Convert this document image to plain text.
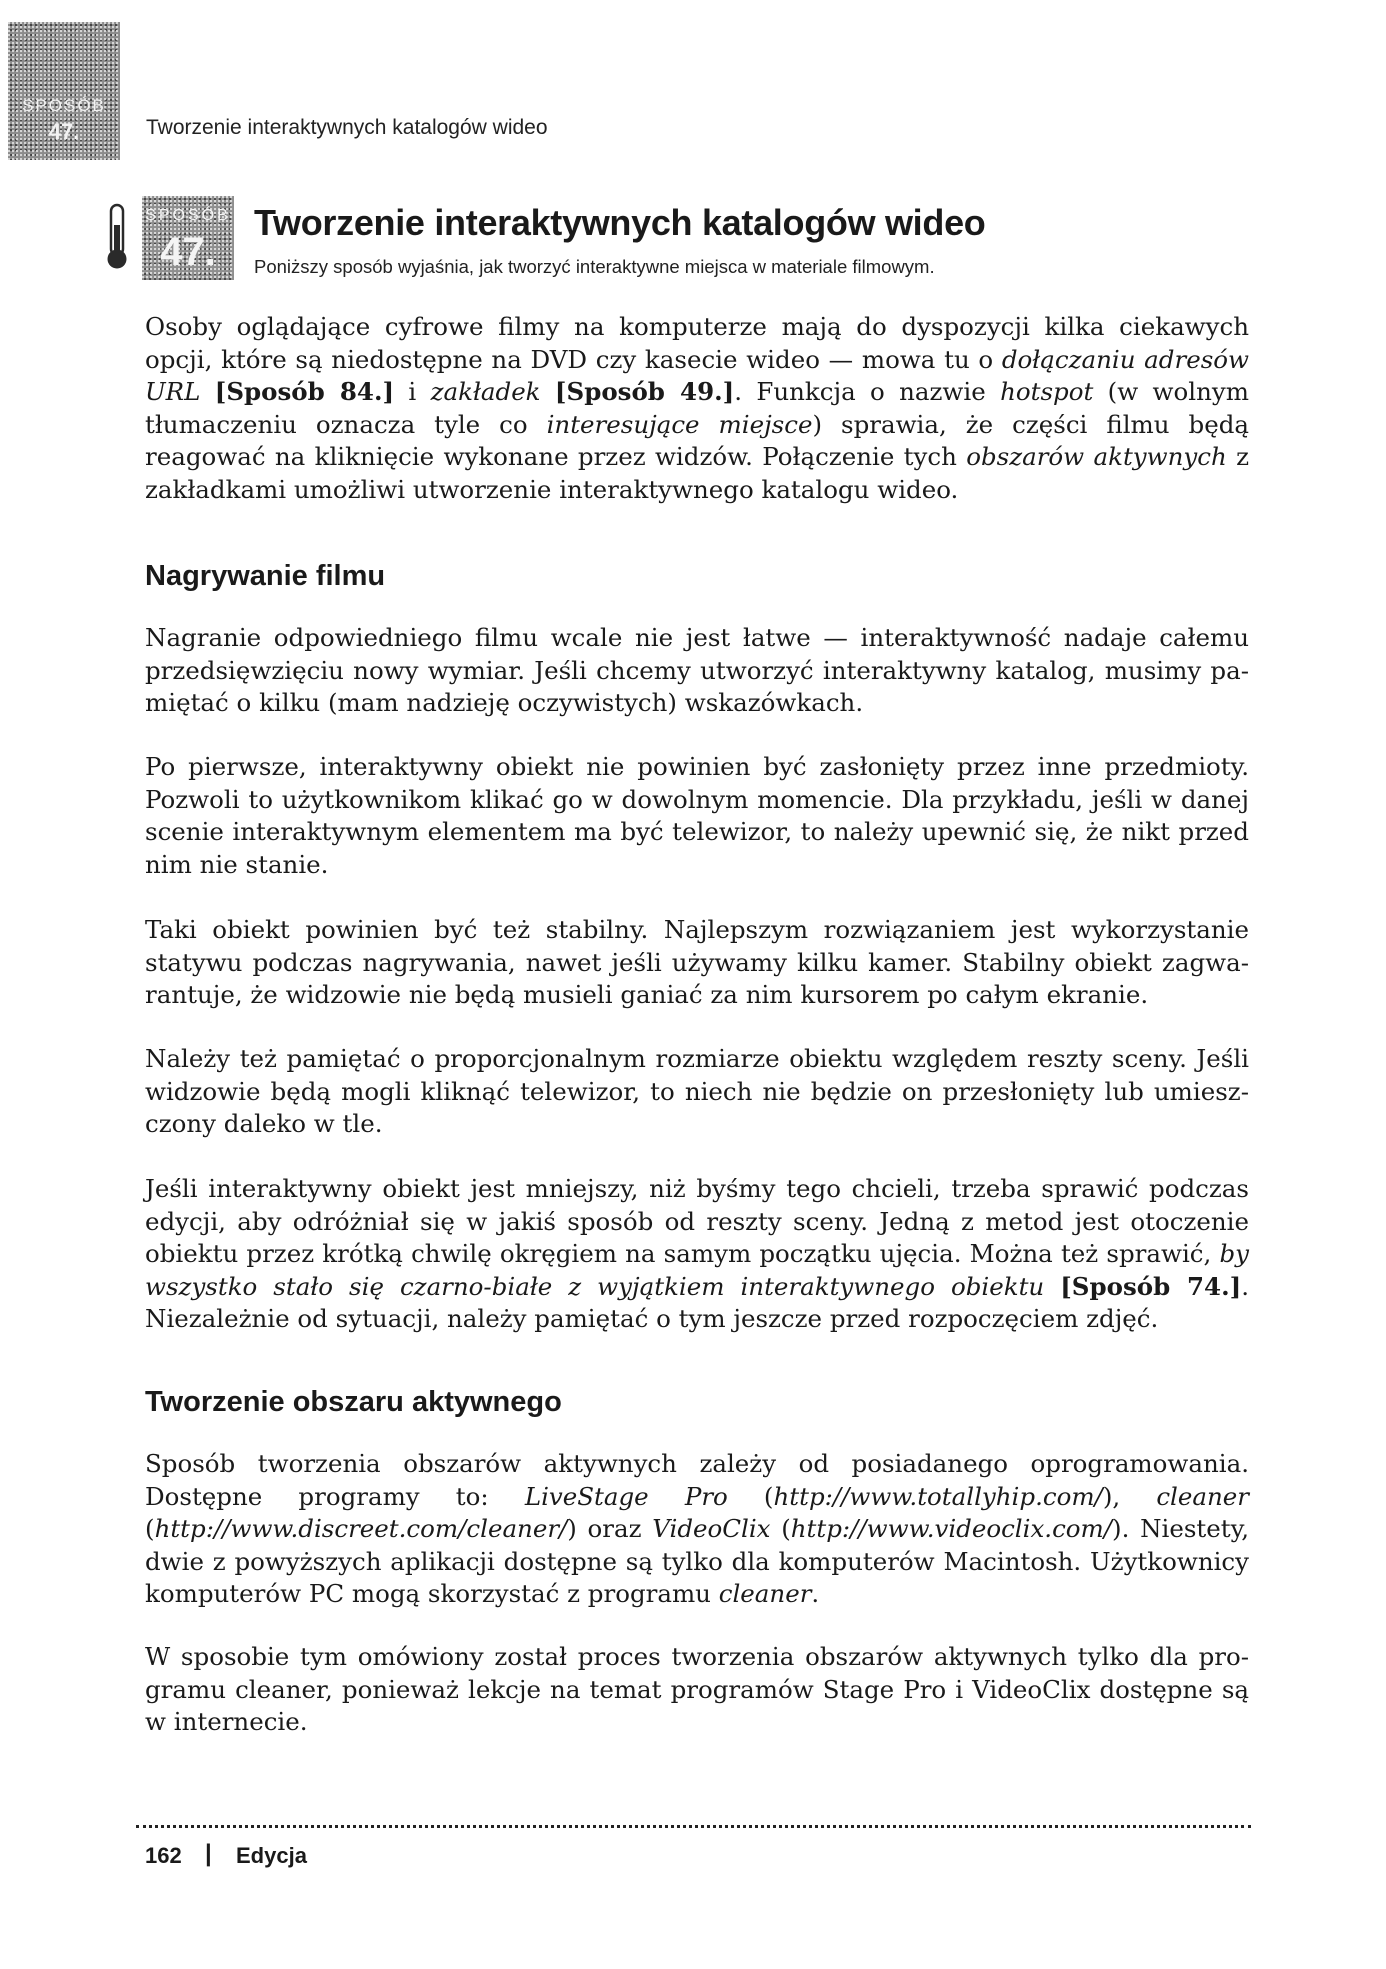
SPOSÓB
47.	Tworzenie interaktywnych katalogów wideo
SPOSÓB
47.
Tworzenie interaktywnych katalogów wideo
Poniższy sposób wyjaśnia, jak tworzyć interaktywne miejsca w materiale filmowym.

Osoby oglądające cyfrowe filmy na komputerze mają do dyspozycji kilka ciekawych opcji, które są niedostępne na DVD czy kasecie wideo — mowa tu o dołączaniu adresów URL [Sposób 84.] i zakładek [Sposób 49.]. Funkcja o nazwie hotspot (w wolnym tłumaczeniu oznacza tyle co interesujące miejsce) sprawia, że części filmu będą reagować na kliknięcie wykonane przez widzów. Połączenie tych obszarów aktywnych z zakładkami umożliwi utworzenie interaktywnego katalogu wideo.

Nagrywanie filmu

Nagranie odpowiedniego filmu wcale nie jest łatwe — interaktywność nadaje całemu przedsięwzięciu nowy wymiar. Jeśli chcemy utworzyć interaktywny katalog, musimy pamiętać o kilku (mam nadzieję oczywistych) wskazówkach.

Po pierwsze, interaktywny obiekt nie powinien być zasłonięty przez inne przedmioty. Pozwoli to użytkownikom klikać go w dowolnym momencie. Dla przykładu, jeśli w danej scenie interaktywnym elementem ma być telewizor, to należy upewnić się, że nikt przed nim nie stanie.

Taki obiekt powinien być też stabilny. Najlepszym rozwiązaniem jest wykorzystanie statywu podczas nagrywania, nawet jeśli używamy kilku kamer. Stabilny obiekt zagwarantuje, że widzowie nie będą musieli ganiać za nim kursorem po całym ekranie.

Należy też pamiętać o proporcjonalnym rozmiarze obiektu względem reszty sceny. Jeśli widzowie będą mogli kliknąć telewizor, to niech nie będzie on przesłonięty lub umieszczony daleko w tle.

Jeśli interaktywny obiekt jest mniejszy, niż byśmy tego chcieli, trzeba sprawić podczas edycji, aby odróżniał się w jakiś sposób od reszty sceny. Jedną z metod jest otoczenie obiektu przez krótką chwilę okręgiem na samym początku ujęcia. Można też sprawić, by wszystko stało się czarno-białe z wyjątkiem interaktywnego obiektu [Sposób 74.]. Niezależnie od sytuacji, należy pamiętać o tym jeszcze przed rozpoczęciem zdjęć.

Tworzenie obszaru aktywnego

Sposób tworzenia obszarów aktywnych zależy od posiadanego oprogramowania. Dostępne programy to: LiveStage Pro (http://www.totallyhip.com/), cleaner (http://www.discreet.com/cleaner/) oraz VideoClix (http://www.videoclix.com/). Niestety, dwie z powyższych aplikacji dostępne są tylko dla komputerów Macintosh. Użytkownicy komputerów PC mogą skorzystać z programu cleaner.

W sposobie tym omówiony został proces tworzenia obszarów aktywnych tylko dla programu cleaner, ponieważ lekcje na temat programów Stage Pro i VideoClix dostępne są w internecie.

162 | Edycja
